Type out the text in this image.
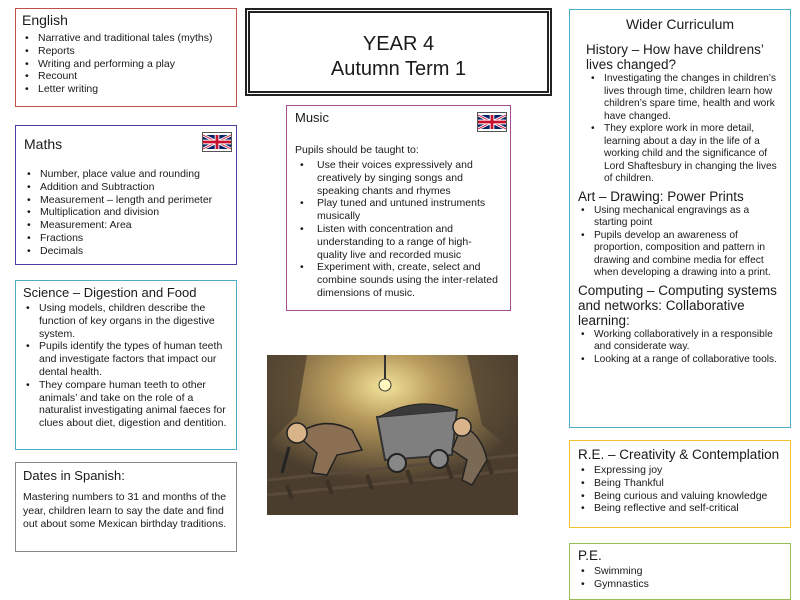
English
• Narrative and traditional tales (myths)
• Reports
• Writing and performing a play
• Recount
• Letter writing
YEAR 4
Autumn Term 1
Maths
• Number, place value and rounding
• Addition and Subtraction
• Measurement – length and perimeter
• Multiplication and division
• Measurement: Area
• Fractions
• Decimals
Music
Pupils should be taught to:
• Use their voices expressively and creatively by singing songs and speaking chants and rhymes
• Play tuned and untuned instruments musically
• Listen with concentration and understanding to a range of high-quality live and recorded music
• Experiment with, create, select and combine sounds using the inter-related dimensions of music.
Science – Digestion and Food
• Using models, children describe the function of key organs in the digestive system.
• Pupils identify the types of human teeth and investigate factors that impact our dental health.
• They compare human teeth to other animals’ and take on the role of a naturalist investigating animal faeces for clues about diet, digestion and dentition.
Dates in Spanish:

Mastering numbers to 31 and months of the year, children learn to say the date and find out about some Mexican birthday traditions.

Wider Curriculum
History – How have childrens’ lives changed?
• Investigating the changes in children’s lives through time, children learn how children’s spare time, health and work have changed.
• They explore work in more detail, learning about a day in the life of a working child and the significance of Lord Shaftesbury in changing the lives of children.
Art – Drawing: Power Prints
• Using mechanical engravings as a starting point
• Pupils develop an awareness of proportion, composition and pattern in drawing and combine media for effect when developing a drawing into a print.
Computing – Computing systems and networks: Collaborative learning:
• Working collaboratively in a responsible and considerate way.
• Looking at a range of collaborative tools.
R.E. – Creativity & Contemplation
• Expressing joy
• Being Thankful
• Being curious and valuing knowledge
• Being reflective and self-critical
P.E.
• Swimming
• Gymnastics
